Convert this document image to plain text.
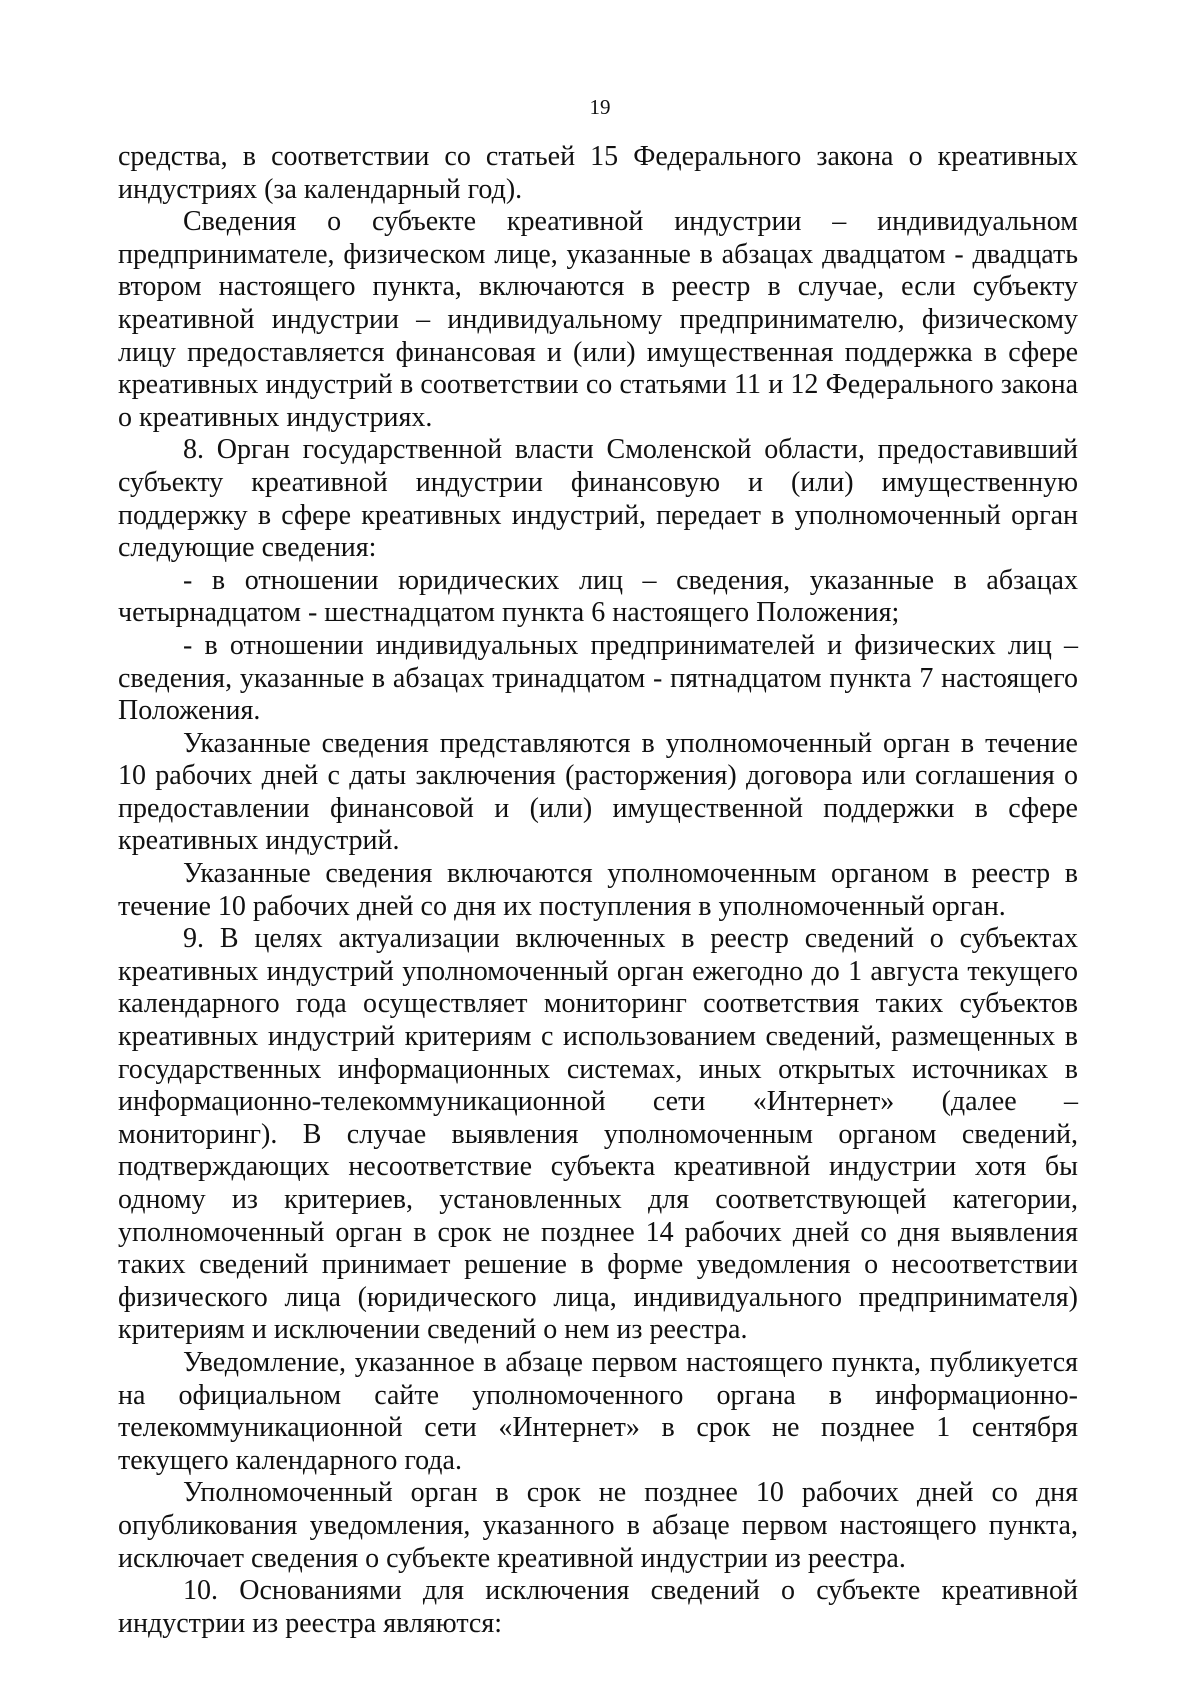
19

средства, в соответствии со статьей 15 Федерального закона о креативных индустриях (за календарный год).

Сведения о субъекте креативной индустрии – индивидуальном предпринимателе, физическом лице, указанные в абзацах двадцатом - двадцать втором настоящего пункта, включаются в реестр в случае, если субъекту креативной индустрии – индивидуальному предпринимателю, физическому лицу предоставляется финансовая и (или) имущественная поддержка в сфере креативных индустрий в соответствии со статьями 11 и 12 Федерального закона о креативных индустриях.

8. Орган государственной власти Смоленской области, предоставивший субъекту креативной индустрии финансовую и (или) имущественную поддержку в сфере креативных индустрий, передает в уполномоченный орган следующие сведения:

- в отношении юридических лиц – сведения, указанные в абзацах четырнадцатом - шестнадцатом пункта 6 настоящего Положения;

- в отношении индивидуальных предпринимателей и физических лиц – сведения, указанные в абзацах тринадцатом - пятнадцатом пункта 7 настоящего Положения.

Указанные сведения представляются в уполномоченный орган в течение 10 рабочих дней с даты заключения (расторжения) договора или соглашения о предоставлении финансовой и (или) имущественной поддержки в сфере креативных индустрий.

Указанные сведения включаются уполномоченным органом в реестр в течение 10 рабочих дней со дня их поступления в уполномоченный орган.

9. В целях актуализации включенных в реестр сведений о субъектах креативных индустрий уполномоченный орган ежегодно до 1 августа текущего календарного года осуществляет мониторинг соответствия таких субъектов креативных индустрий критериям с использованием сведений, размещенных в государственных информационных системах, иных открытых источниках в информационно-телекоммуникационной сети «Интернет» (далее – мониторинг). В случае выявления уполномоченным органом сведений, подтверждающих несоответствие субъекта креативной индустрии хотя бы одному из критериев, установленных для соответствующей категории, уполномоченный орган в срок не позднее 14 рабочих дней со дня выявления таких сведений принимает решение в форме уведомления о несоответствии физического лица (юридического лица, индивидуального предпринимателя) критериям и исключении сведений о нем из реестра.

Уведомление, указанное в абзаце первом настоящего пункта, публикуется на официальном сайте уполномоченного органа в информационно-телекоммуникационной сети «Интернет» в срок не позднее 1 сентября текущего календарного года.

Уполномоченный орган в срок не позднее 10 рабочих дней со дня опубликования уведомления, указанного в абзаце первом настоящего пункта, исключает сведения о субъекте креативной индустрии из реестра.

10. Основаниями для исключения сведений о субъекте креативной индустрии из реестра являются:
